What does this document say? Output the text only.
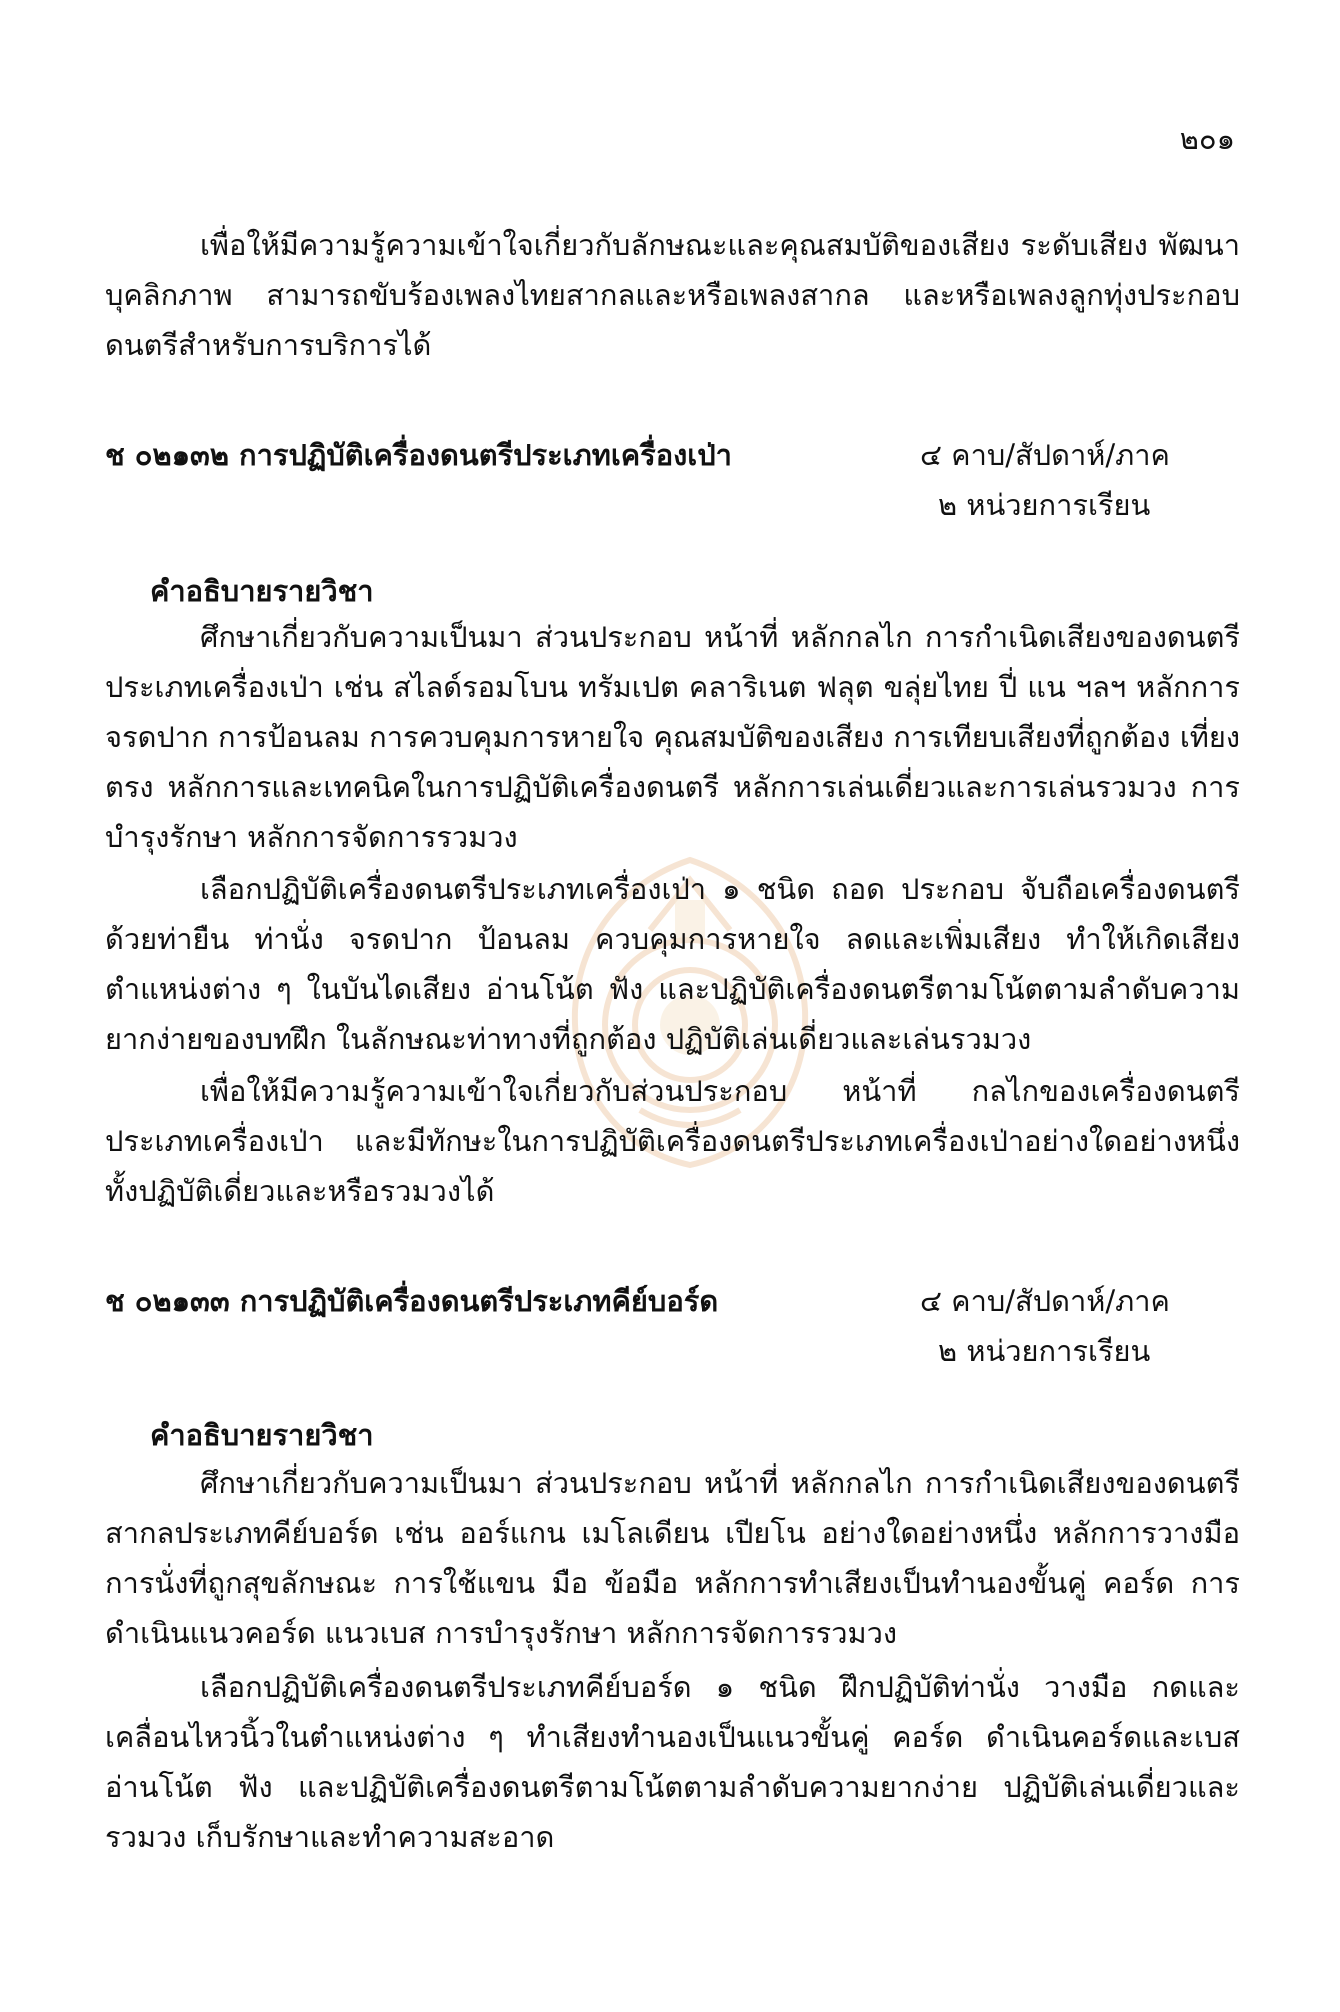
๒๐๑

เพื่อให้มีความรู้ความเข้าใจเกี่ยวกับลักษณะและคุณสมบัติของเสียง ระดับเสียง พัฒนาบุคลิกภาพ สามารถขับร้องเพลงไทยสากลและหรือเพลงสากล และหรือเพลงลูกทุ่งประกอบดนตรีสำหรับการบริการได้

ช ๐๒๑๓๒ การปฏิบัติเครื่องดนตรีประเภทเครื่องเป่า	๔ คาบ/สัปดาห์/ภาค
๒ หน่วยการเรียน
คำอธิบายรายวิชา

ศึกษาเกี่ยวกับความเป็นมา ส่วนประกอบ หน้าที่ หลักกลไก การกำเนิดเสียงของดนตรีประเภทเครื่องเป่า เช่น สไลด์รอมโบน ทรัมเปต คลาริเนต ฟลุต ขลุ่ยไทย ปี่ แน ฯลฯ หลักการจรดปาก การป้อนลม การควบคุมการหายใจ คุณสมบัติของเสียง การเทียบเสียงที่ถูกต้อง เที่ยงตรง หลักการและเทคนิคในการปฏิบัติเครื่องดนตรี หลักการเล่นเดี่ยวและการเล่นรวมวง การบำรุงรักษา หลักการจัดการรวมวง

เลือกปฏิบัติเครื่องดนตรีประเภทเครื่องเป่า ๑ ชนิด ถอด ประกอบ จับถือเครื่องดนตรีด้วยท่ายืน ท่านั่ง จรดปาก ป้อนลม ควบคุมการหายใจ ลดและเพิ่มเสียง ทำให้เกิดเสียงตำแหน่งต่าง ๆ ในบันไดเสียง อ่านโน้ต ฟัง และปฏิบัติเครื่องดนตรีตามโน้ตตามลำดับความยากง่ายของบทฝึก ในลักษณะท่าทางที่ถูกต้อง ปฏิบัติเล่นเดี่ยวและเล่นรวมวง

เพื่อให้มีความรู้ความเข้าใจเกี่ยวกับส่วนประกอบ หน้าที่ กลไกของเครื่องดนตรีประเภทเครื่องเป่า และมีทักษะในการปฏิบัติเครื่องดนตรีประเภทเครื่องเป่าอย่างใดอย่างหนึ่ง ทั้งปฏิบัติเดี่ยวและหรือรวมวงได้

ช ๐๒๑๓๓ การปฏิบัติเครื่องดนตรีประเภทคีย์บอร์ด	๔ คาบ/สัปดาห์/ภาค
๒ หน่วยการเรียน
คำอธิบายรายวิชา

ศึกษาเกี่ยวกับความเป็นมา ส่วนประกอบ หน้าที่ หลักกลไก การกำเนิดเสียงของดนตรีสากลประเภทคีย์บอร์ด เช่น ออร์แกน เมโลเดียน เปียโน อย่างใดอย่างหนึ่ง หลักการวางมือ การนั่งที่ถูกสุขลักษณะ การใช้แขน มือ ข้อมือ หลักการทำเสียงเป็นทำนองขั้นคู่ คอร์ด การดำเนินแนวคอร์ด แนวเบส การบำรุงรักษา หลักการจัดการรวมวง

เลือกปฏิบัติเครื่องดนตรีประเภทคีย์บอร์ด ๑ ชนิด ฝึกปฏิบัติท่านั่ง วางมือ กดและเคลื่อนไหวนิ้วในตำแหน่งต่าง ๆ ทำเสียงทำนองเป็นแนวขั้นคู่ คอร์ด ดำเนินคอร์ดและเบส อ่านโน้ต ฟัง และปฏิบัติเครื่องดนตรีตามโน้ตตามลำดับความยากง่าย ปฏิบัติเล่นเดี่ยวและรวมวง เก็บรักษาและทำความสะอาด
